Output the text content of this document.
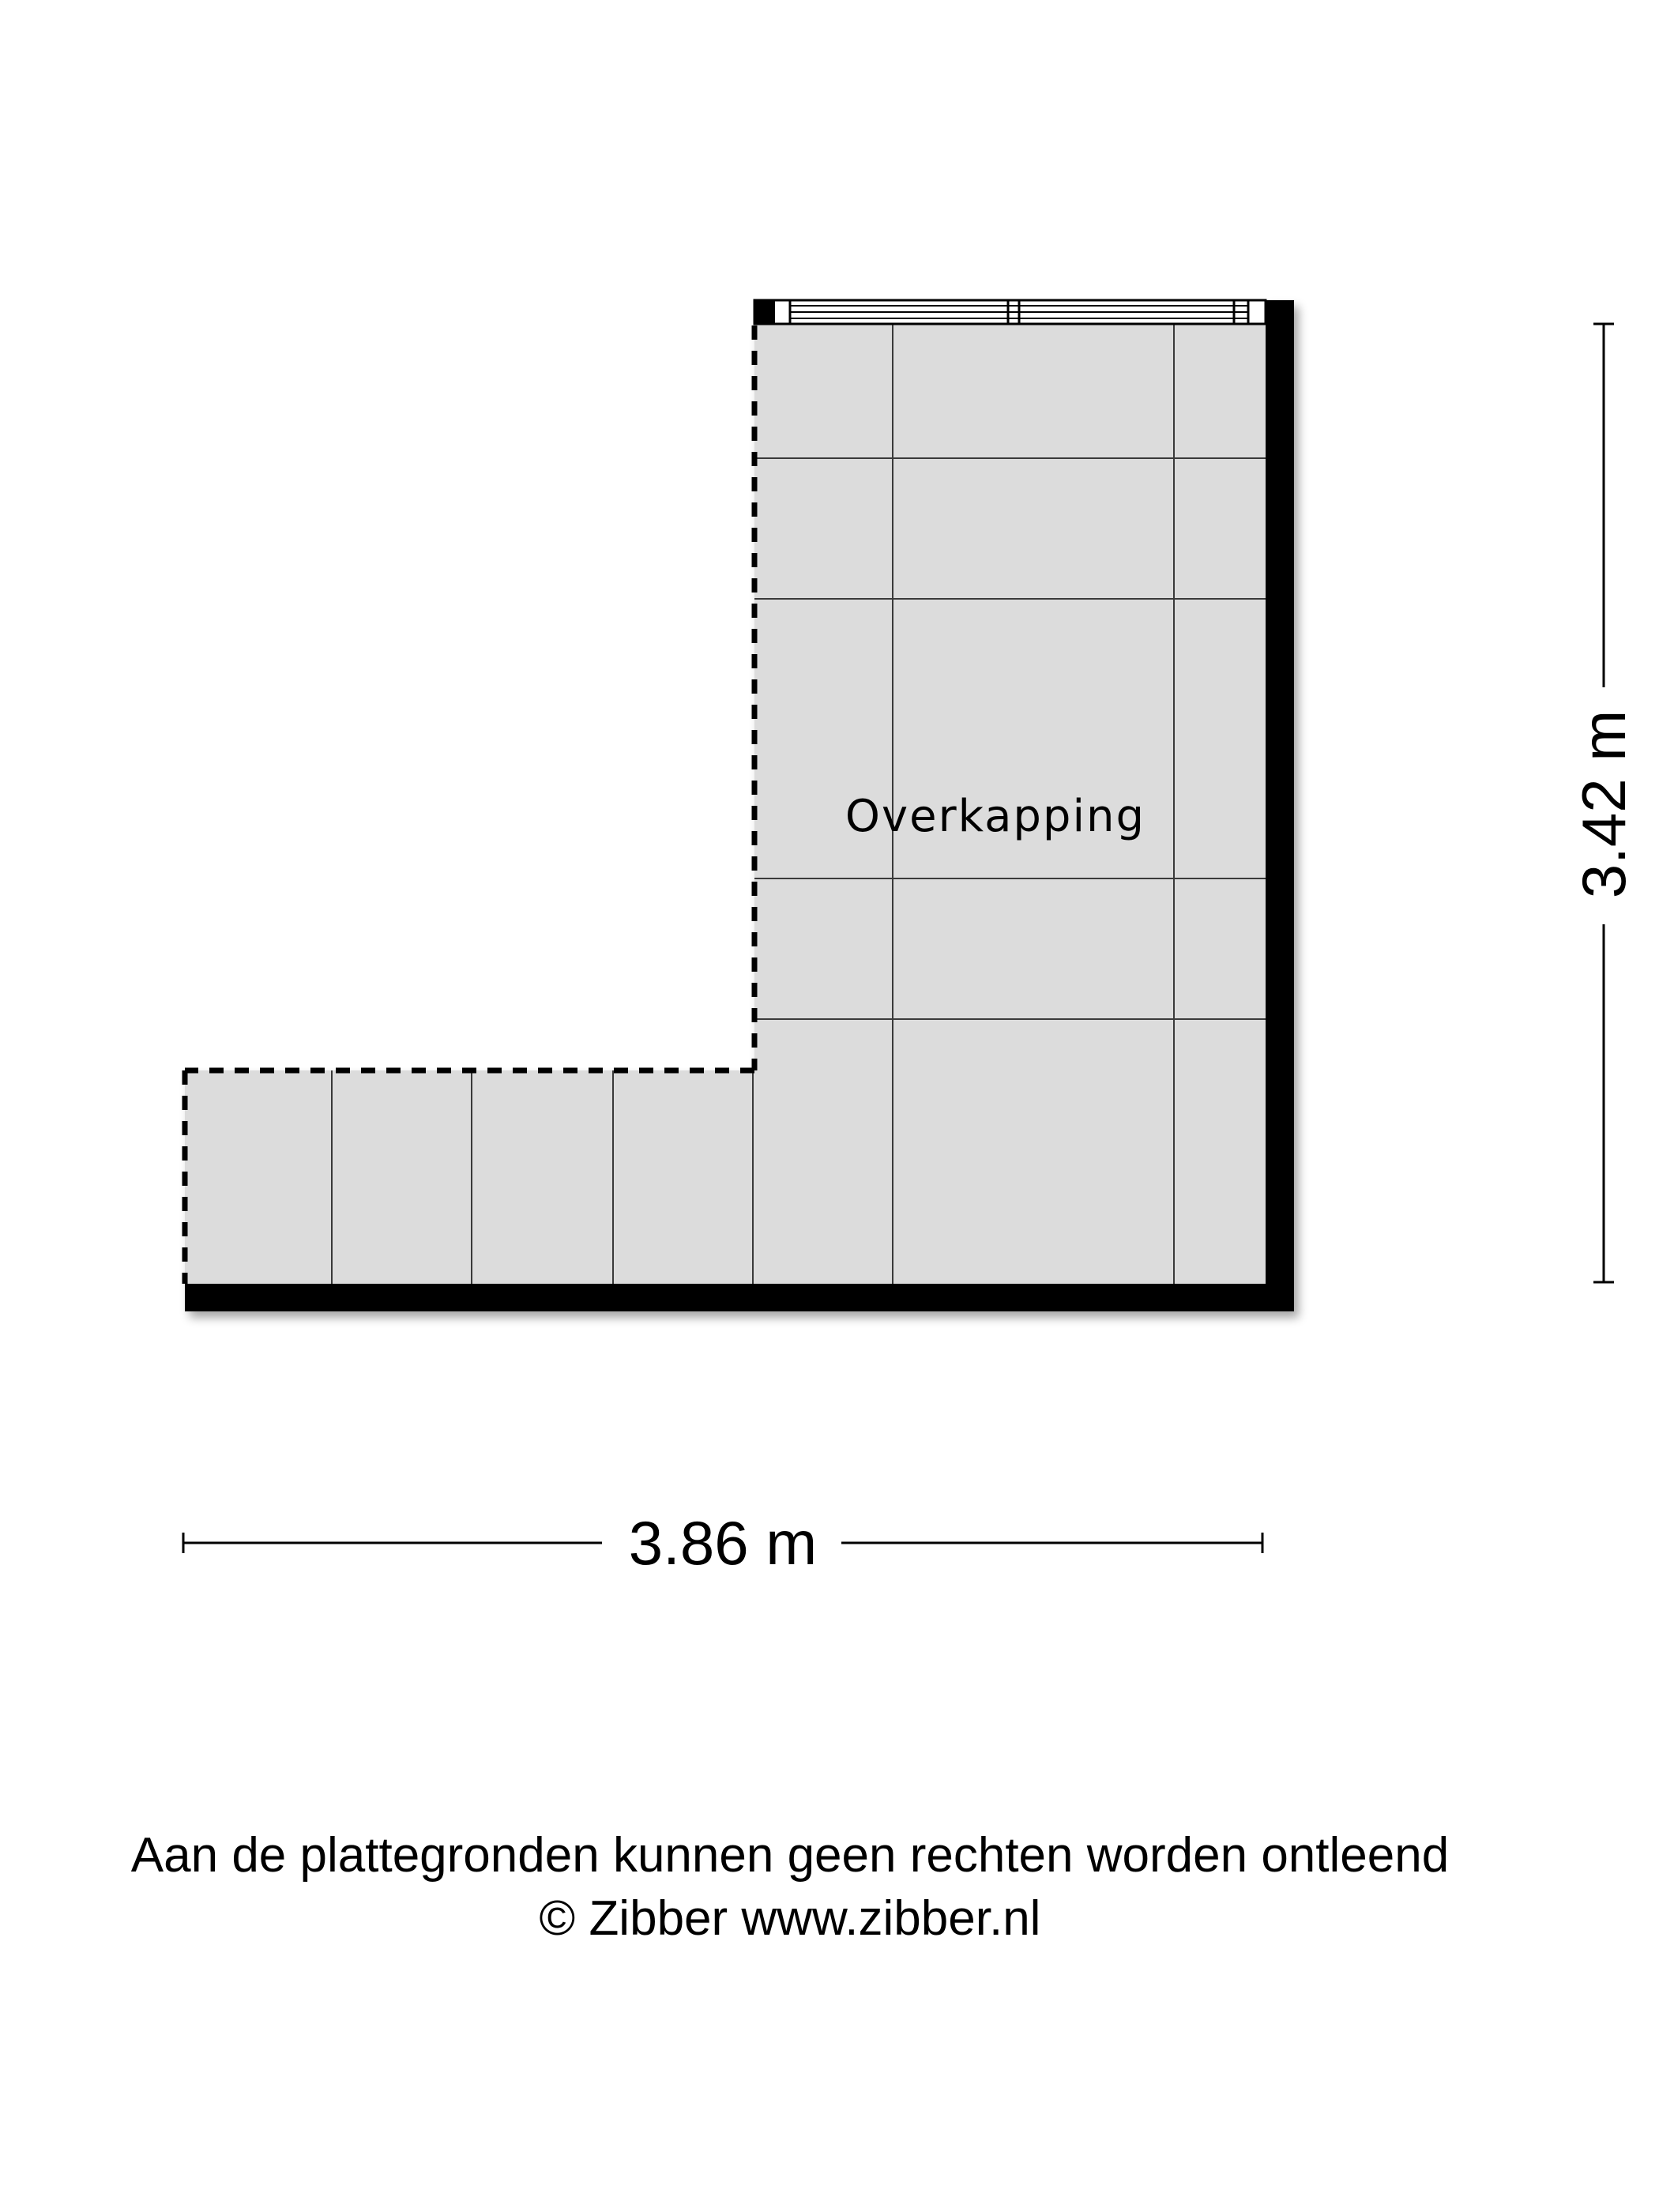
Overkapping
3.86 m
3.42 m
Aan de plattegronden kunnen geen rechten worden ontleend
© Zibber www.zibber.nl
